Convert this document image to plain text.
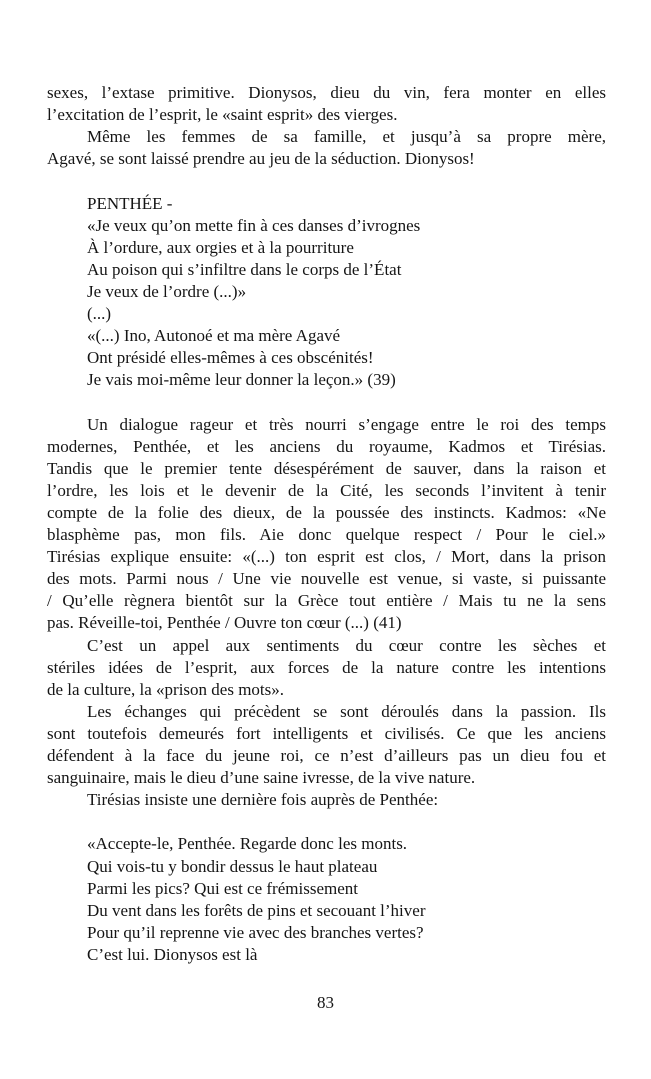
sexes, l’extase primitive. Dionysos, dieu du vin, fera monter en elles
l’excitation de l’esprit, le «saint esprit» des vierges.
Même les femmes de sa famille, et jusqu’à sa propre mère,
Agavé, se sont laissé prendre au jeu de la séduction. Dionysos!
PENTHÉE -
«Je veux qu’on mette fin à ces danses d’ivrognes
À l’ordure, aux orgies et à la pourriture
Au poison qui s’infiltre dans le corps de l’État
Je veux de l’ordre (...)»
(...)
«(...) Ino, Autonoé et ma mère Agavé
Ont présidé elles-mêmes à ces obscénités!
Je vais moi-même leur donner la leçon.» (39)
Un dialogue rageur et très nourri s’engage entre le roi des temps
modernes, Penthée, et les anciens du royaume, Kadmos et Tirésias.
Tandis que le premier tente désespérément de sauver, dans la raison et
l’ordre, les lois et le devenir de la Cité, les seconds l’invitent à tenir
compte de la folie des dieux, de la poussée des instincts. Kadmos: «Ne
blasphème pas, mon fils. Aie donc quelque respect / Pour le ciel.»
Tirésias explique ensuite: «(...) ton esprit est clos, / Mort, dans la prison
des mots. Parmi nous / Une vie nouvelle est venue, si vaste, si puissante
/ Qu’elle règnera bientôt sur la Grèce tout entière / Mais tu ne la sens
pas. Réveille-toi, Penthée / Ouvre ton cœur (...) (41)
C’est un appel aux sentiments du cœur contre les sèches et
stériles idées de l’esprit, aux forces de la nature contre les intentions
de la culture, la «prison des mots».
Les échanges qui précèdent se sont déroulés dans la passion. Ils
sont toutefois demeurés fort intelligents et civilisés. Ce que les anciens
défendent à la face du jeune roi, ce n’est d’ailleurs pas un dieu fou et
sanguinaire, mais le dieu d’une saine ivresse, de la vive nature.
Tirésias insiste une dernière fois auprès de Penthée:
«Accepte-le, Penthée. Regarde donc les monts.
Qui vois-tu y bondir dessus le haut plateau
Parmi les pics? Qui est ce frémissement
Du vent dans les forêts de pins et secouant l’hiver
Pour qu’il reprenne vie avec des branches vertes?
C’est lui. Dionysos est là
83
